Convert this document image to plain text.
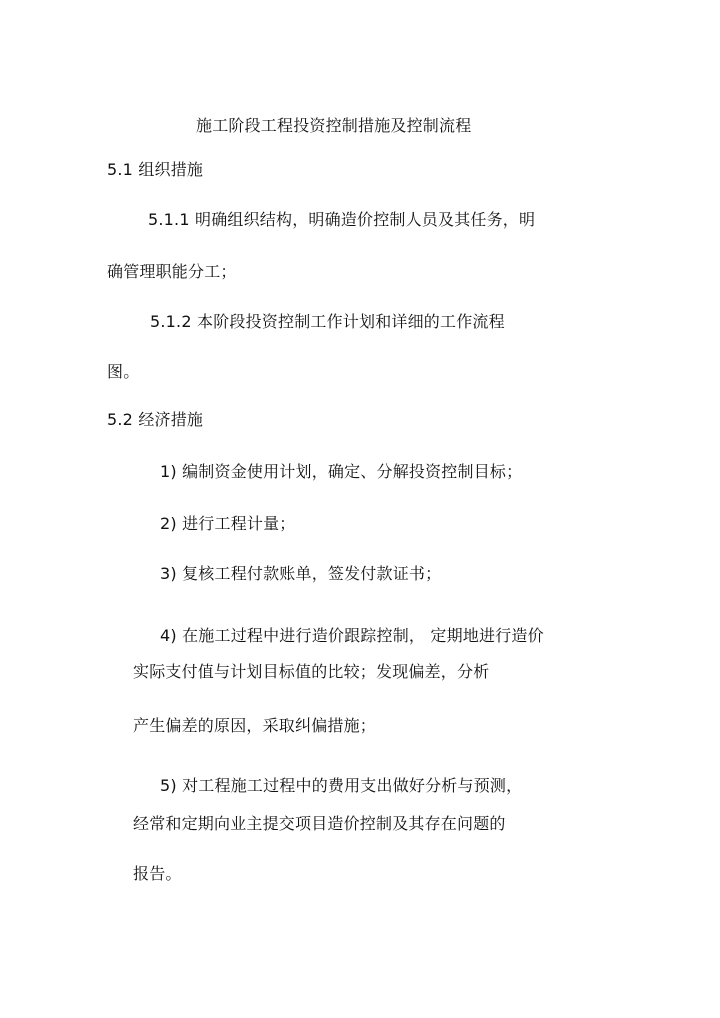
施工阶段工程投资控制措施及控制流程
5.1 组织措施
5.1.1 明确组织结构，明确造价控制人员及其任务，明
确管理职能分工；
5.1.2 本阶段投资控制工作计划和详细的工作流程
图。
5.2 经济措施
1) 编制资金使用计划，确定、分解投资控制目标；
2) 进行工程计量；
3) 复核工程付款账单，签发付款证书；
4) 在施工过程中进行造价跟踪控制， 定期地进行造价
实际支付值与计划目标值的比较；发现偏差，分析
产生偏差的原因，采取纠偏措施；
5) 对工程施工过程中的费用支出做好分析与预测，
经常和定期向业主提交项目造价控制及其存在问题的
报告。
